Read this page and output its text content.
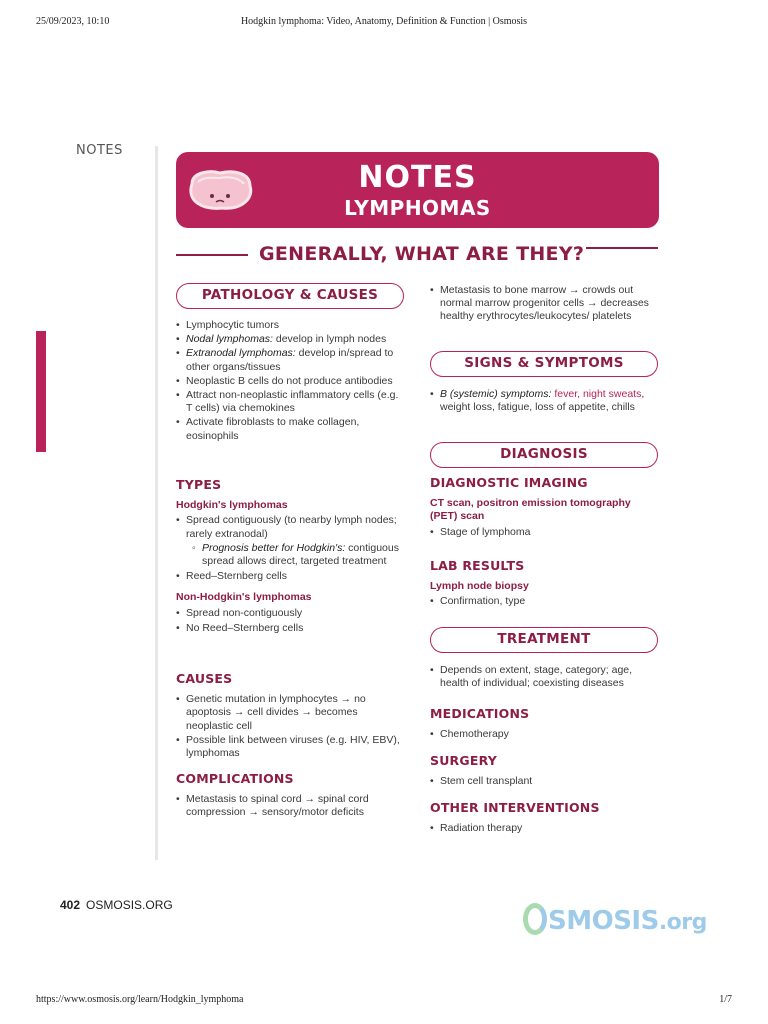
25/09/2023, 10:10	Hodgkin lymphoma: Video, Anatomy, Definition & Function | Osmosis
NOTES
NOTES
LYMPHOMAS
GENERALLY, WHAT ARE THEY?
PATHOLOGY & CAUSES
• Lymphocytic tumors
• Nodal lymphomas: develop in lymph nodes
• Extranodal lymphomas: develop in/spread to other organs/tissues
• Neoplastic B cells do not produce antibodies
• Attract non-neoplastic inflammatory cells (e.g. T cells) via chemokines
• Activate fibroblasts to make collagen, eosinophils
TYPES
Hodgkin's lymphomas
• Spread contiguously (to nearby lymph nodes; rarely extranodal)
◦ Prognosis better for Hodgkin's: contiguous spread allows direct, targeted treatment
• Reed–Sternberg cells
Non-Hodgkin's lymphomas
• Spread non-contiguously
• No Reed–Sternberg cells
CAUSES
• Genetic mutation in lymphocytes → no apoptosis → cell divides → becomes neoplastic cell
• Possible link between viruses (e.g. HIV, EBV), lymphomas
COMPLICATIONS
• Metastasis to spinal cord → spinal cord compression → sensory/motor deficits
• Metastasis to bone marrow → crowds out normal marrow progenitor cells → decreases healthy erythrocytes/leukocytes/ platelets
SIGNS & SYMPTOMS
• B (systemic) symptoms: fever, night sweats, weight loss, fatigue, loss of appetite, chills
DIAGNOSIS
DIAGNOSTIC IMAGING
CT scan, positron emission tomography (PET) scan
• Stage of lymphoma
LAB RESULTS
Lymph node biopsy
• Confirmation, type
TREATMENT
• Depends on extent, stage, category; age, health of individual; coexisting diseases
MEDICATIONS
• Chemotherapy
SURGERY
• Stem cell transplant
OTHER INTERVENTIONS
• Radiation therapy
402 OSMOSIS.ORG
SMOSIS.org
https://www.osmosis.org/learn/Hodgkin_lymphoma	1/7
